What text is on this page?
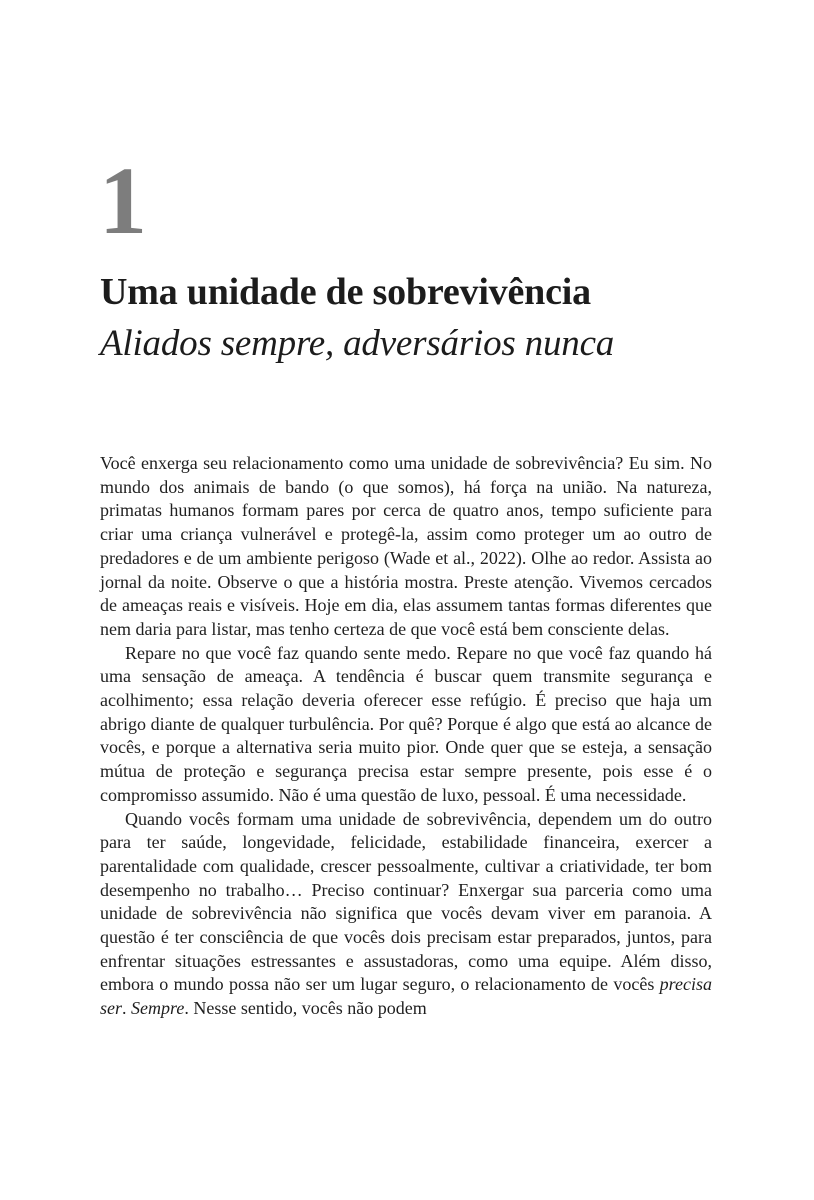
1
Uma unidade de sobrevivência
Aliados sempre, adversários nunca

Você enxerga seu relacionamento como uma unidade de sobrevivência? Eu sim. No mundo dos animais de bando (o que somos), há força na união. Na natureza, primatas humanos formam pares por cerca de quatro anos, tempo suficiente para criar uma criança vulnerável e protegê-la, assim como proteger um ao outro de predadores e de um ambiente perigoso (Wade et al., 2022). Olhe ao redor. Assista ao jornal da noite. Observe o que a história mostra. Preste atenção. Vivemos cercados de ameaças reais e visíveis. Hoje em dia, elas assumem tantas formas diferentes que nem daria para listar, mas tenho certeza de que você está bem consciente delas.

Repare no que você faz quando sente medo. Repare no que você faz quando há uma sensação de ameaça. A tendência é buscar quem transmite segurança e acolhimento; essa relação deveria oferecer esse refúgio. É preciso que haja um abrigo diante de qualquer turbulência. Por quê? Porque é algo que está ao alcance de vocês, e porque a alternativa seria muito pior. Onde quer que se esteja, a sensação mútua de proteção e segurança precisa estar sempre presente, pois esse é o compromisso assumido. Não é uma questão de luxo, pessoal. É uma necessidade.

Quando vocês formam uma unidade de sobrevivência, dependem um do outro para ter saúde, longevidade, felicidade, estabilidade financeira, exercer a parentalidade com qualidade, crescer pessoalmente, cultivar a criatividade, ter bom desempenho no trabalho… Preciso continuar? Enxergar sua parceria como uma unidade de sobrevivência não significa que vocês devam viver em paranoia. A questão é ter consciência de que vocês dois precisam estar preparados, juntos, para enfrentar situações estressantes e assustadoras, como uma equipe. Além disso, embora o mundo possa não ser um lugar seguro, o relacionamento de vocês precisa ser. Sempre. Nesse sentido, vocês não podem
